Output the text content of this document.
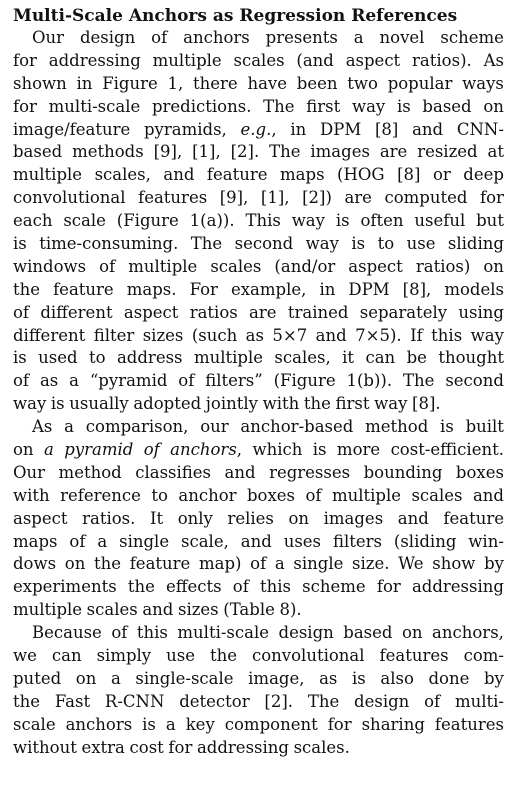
Multi-Scale Anchors as Regression References
Our design of anchors presents a novel scheme
for addressing multiple scales (and aspect ratios). As
shown in Figure 1, there have been two popular ways
for multi-scale predictions. The first way is based on
image/feature pyramids, e.g., in DPM [8] and CNN-
based methods [9], [1], [2]. The images are resized at
multiple scales, and feature maps (HOG [8] or deep
convolutional features [9], [1], [2]) are computed for
each scale (Figure 1(a)). This way is often useful but
is time-consuming. The second way is to use sliding
windows of multiple scales (and/or aspect ratios) on
the feature maps. For example, in DPM [8], models
of different aspect ratios are trained separately using
different filter sizes (such as 5×7 and 7×5). If this way
is used to address multiple scales, it can be thought
of as a “pyramid of filters” (Figure 1(b)). The second
way is usually adopted jointly with the first way [8].
As a comparison, our anchor-based method is built
on a pyramid of anchors, which is more cost-efficient.
Our method classifies and regresses bounding boxes
with reference to anchor boxes of multiple scales and
aspect ratios. It only relies on images and feature
maps of a single scale, and uses filters (sliding win-
dows on the feature map) of a single size. We show by
experiments the effects of this scheme for addressing
multiple scales and sizes (Table 8).
Because of this multi-scale design based on anchors,
we can simply use the convolutional features com-
puted on a single-scale image, as is also done by
the Fast R-CNN detector [2]. The design of multi-
scale anchors is a key component for sharing features
without extra cost for addressing scales.
